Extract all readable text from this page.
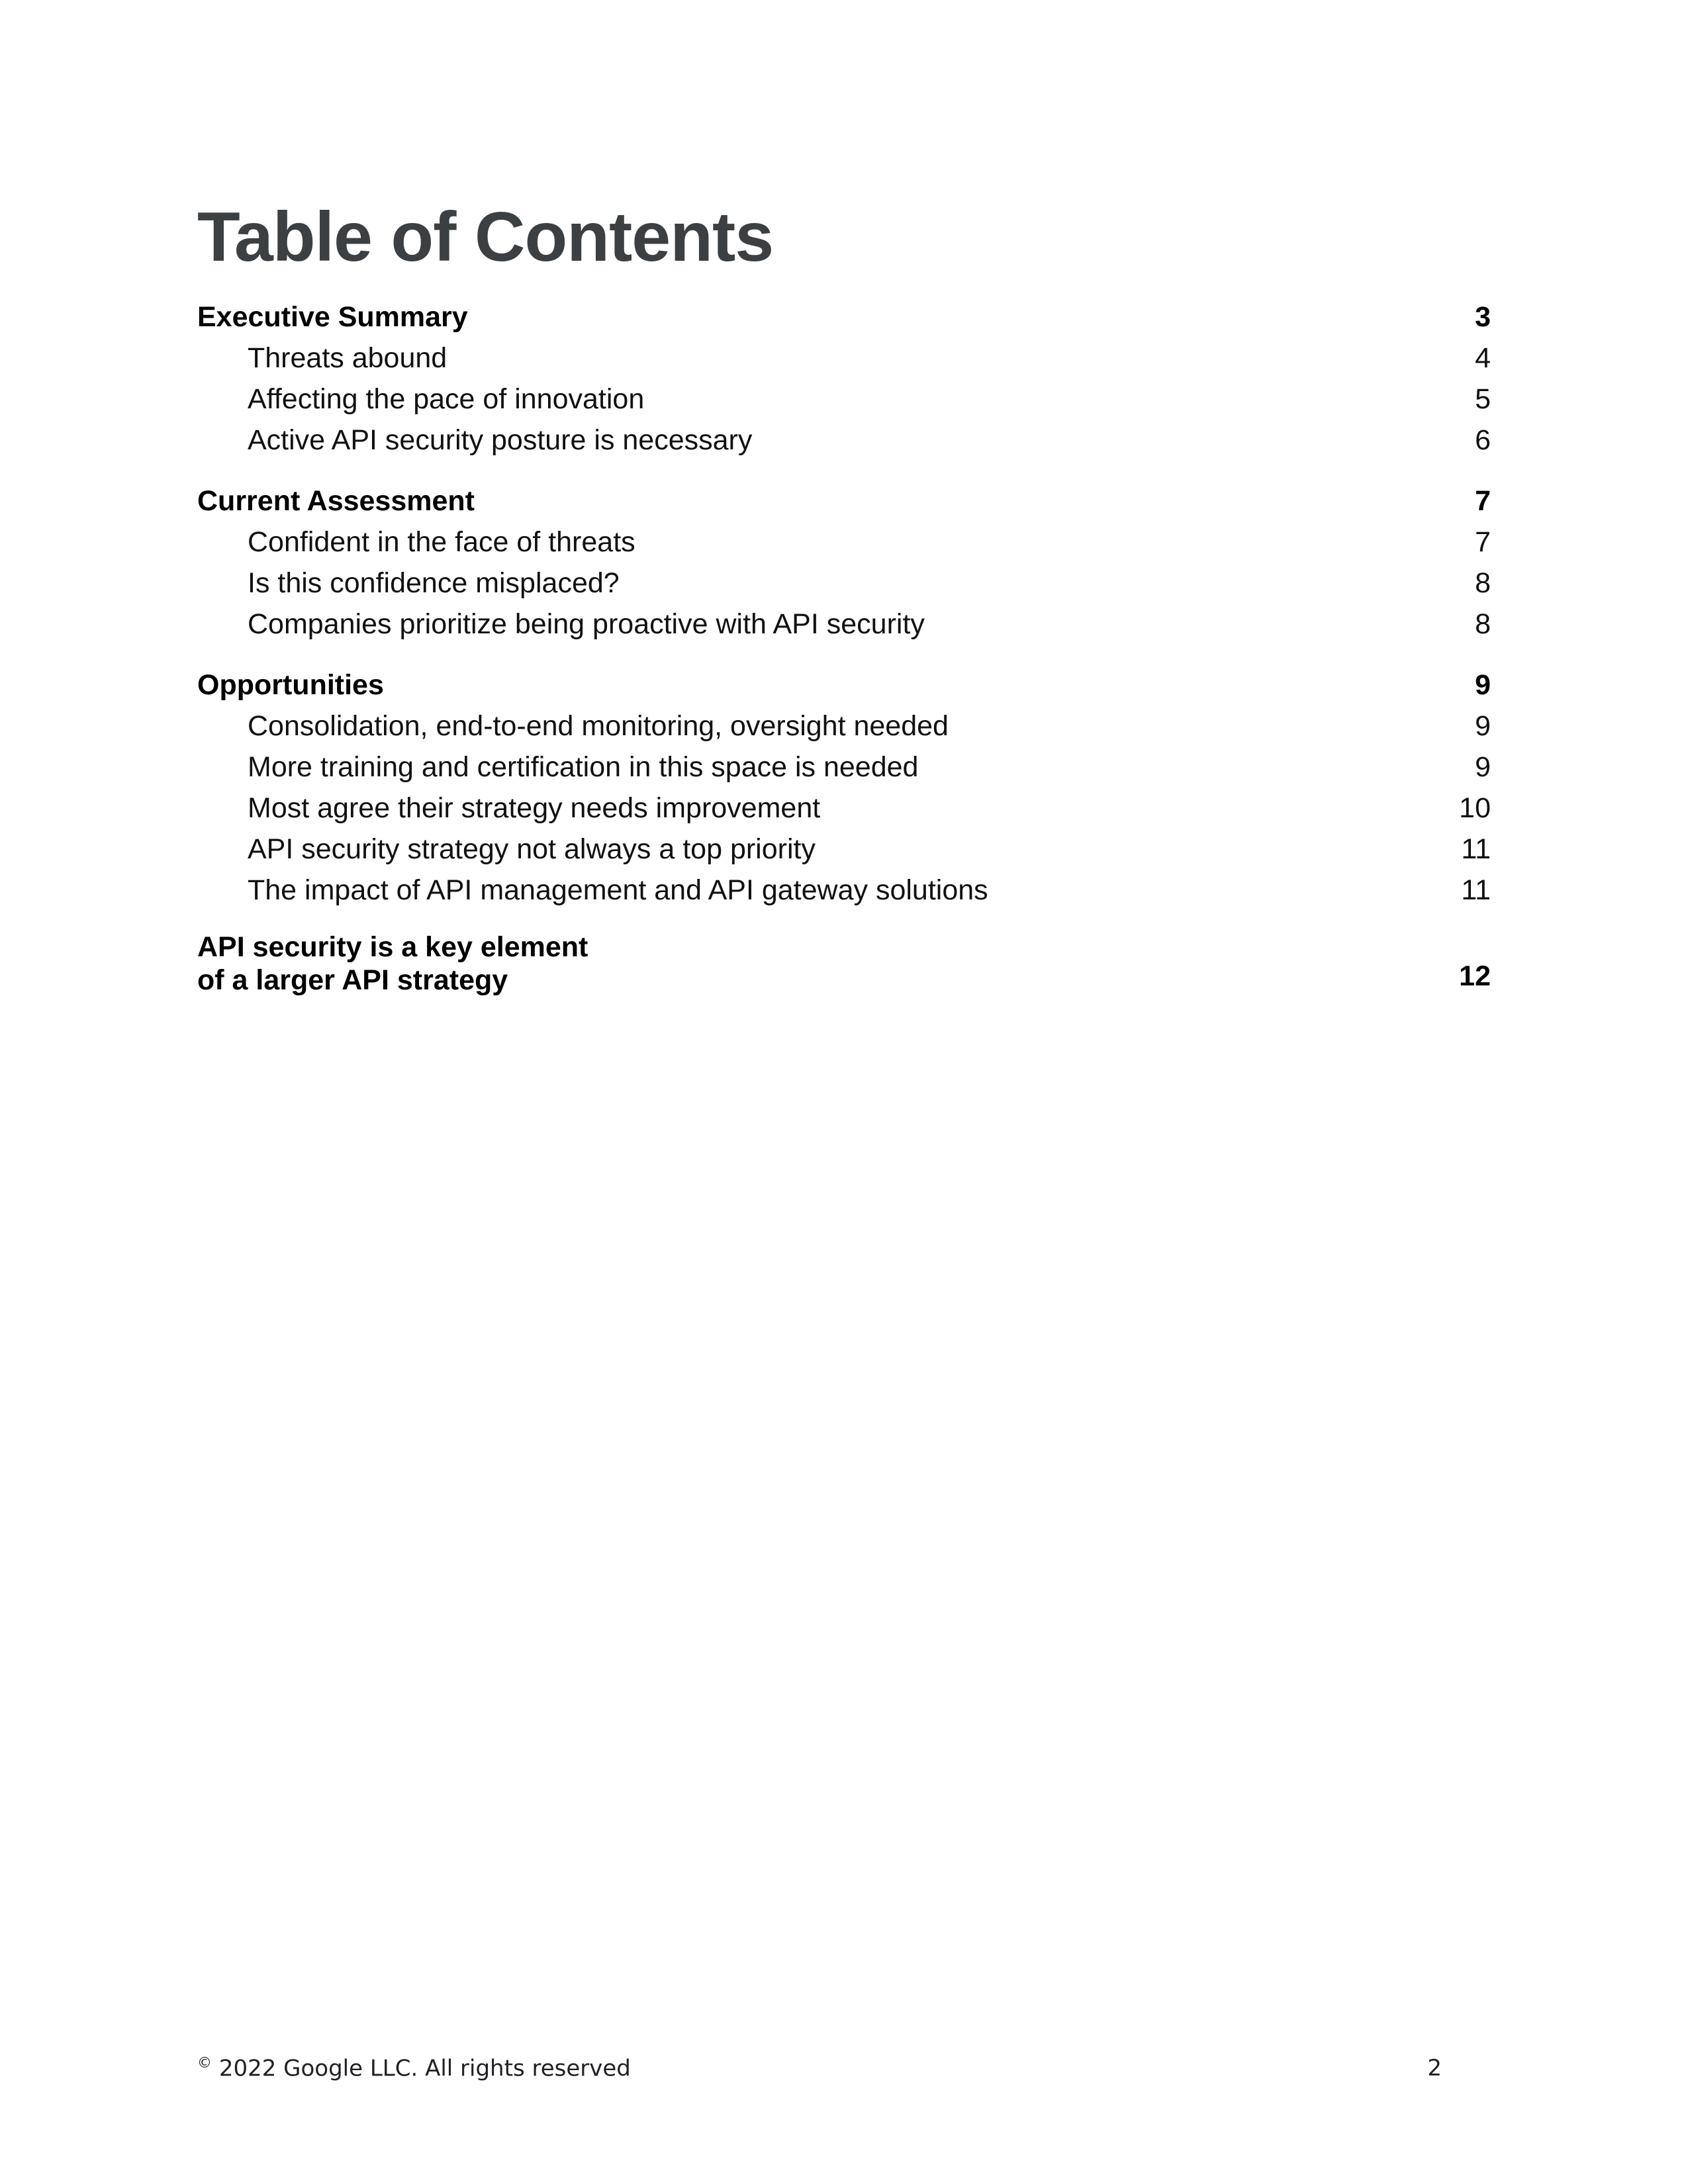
Table of Contents
Executive Summary	3
Threats abound	4
Affecting the pace of innovation	5
Active API security posture is necessary	6
Current Assessment	7
Confident in the face of threats	7
Is this confidence misplaced?	8
Companies prioritize being proactive with API security	8
Opportunities	9
Consolidation, end-to-end monitoring, oversight needed	9
More training and certification in this space is needed	9
Most agree their strategy needs improvement	10
API security strategy not always a top priority	11
The impact of API management and API gateway solutions	11
API security is a key element
of a larger API strategy	12
© 2022 Google LLC. All rights reserved	2
